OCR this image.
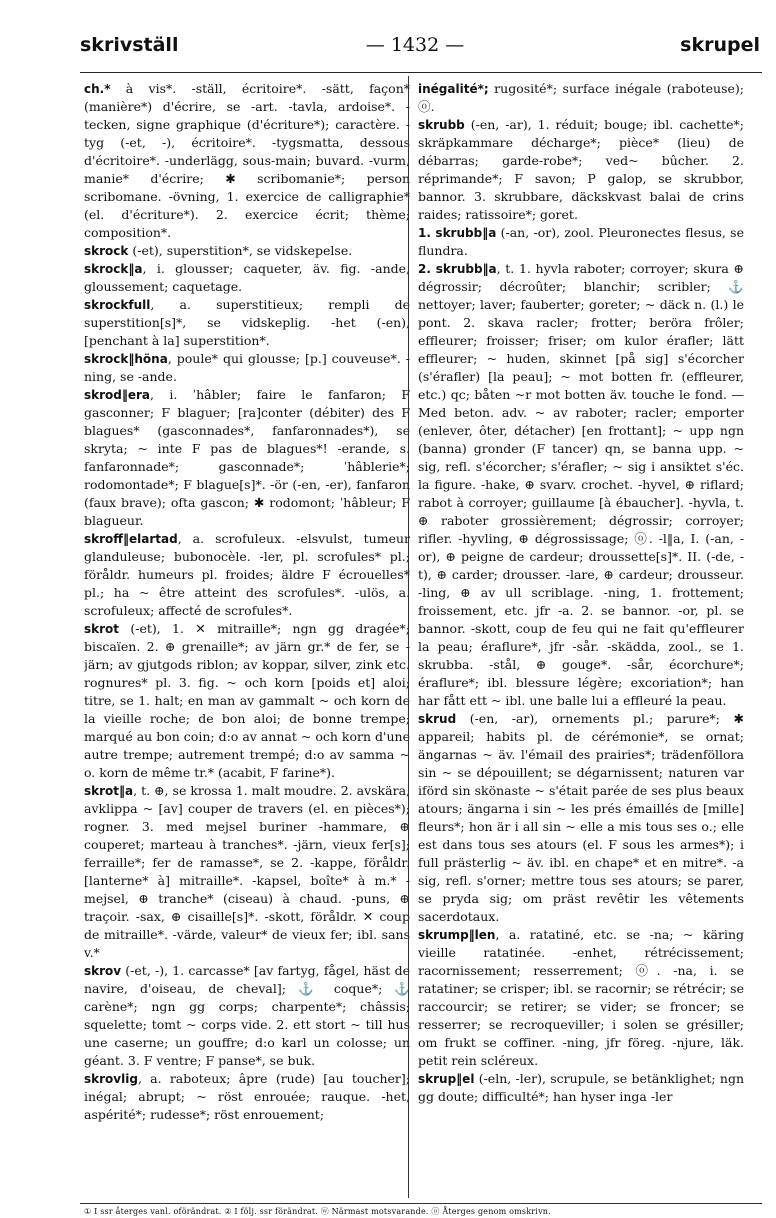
skrivställ	— 1432 —	skrupel

ch.* à vis*. -ställ, écritoire*. -sätt, façon* (manière*) d'écrire, se -art. -tavla, ardoise*. -tecken, signe graphique (d'écriture*); caractère. -tyg (-et, -), écritoire*. -tygsmatta, dessous d'écritoire*. -underlägg, sous-main; buvard. -vurm, manie* d'écrire; ✱ scribomanie*; person scribomane. -övning, 1. exercice de calligraphie* (el. d'écriture*). 2. exercice écrit; thème; composition*.

skrock (-et), superstition*, se vidskepelse.

skrock‖a, i. glousser; caqueter, äv. fig. -ande, gloussement; caquetage.

skrockfull, a. superstitieux; rempli de superstition[s]*, se vidskeplig. -het (-en), [penchant à la] superstition*.

skrock‖höna, poule* qui glousse; [p.] couveuse*. -ning, se -ande.

skrod‖era, i. ˈhâbler; faire le fanfaron; F gasconner; F blaguer; [ra]conter (débiter) des F blagues* (gasconnades*, fanfaronnades*), se skryta; ~ inte F pas de blagues*! -erande, s. fanfaronnade*; gasconnade*; ˈhâblerie*; rodomontade*; F blague[s]*. -ör (-en, -er), fanfaron (faux brave); ofta gascon; ✱ rodomont; ˈhâbleur; F blagueur.

skroff‖elartad, a. scrofuleux. -elsvulst, tumeur glanduleuse; bubonocèle. -ler, pl. scrofules* pl.; föråldr. humeurs pl. froides; äldre F écrouelles* pl.; ha ~ être atteint des scrofules*. -ulös, a. scrofuleux; affecté de scrofules*.

skrot (-et), 1. ✕ mitraille*; ngn gg dragée*; biscaïen. 2. ⊕ grenaille*; av järn gr.* de fer, se -järn; av gjutgods riblon; av koppar, silver, zink etc. rognures* pl. 3. fig. ~ och korn [poids et] aloi; titre, se 1. halt; en man av gammalt ~ och korn de la vieille roche; de bon aloi; de bonne trempe; marqué au bon coin; d:o av annat ~ och korn d'une autre trempe; autrement trempé; d:o av samma ~ o. korn de même tr.* (acabit, F farine*).

skrot‖a, t. ⊕, se krossa 1. malt moudre. 2. avskära, avklippa ~ [av] couper de travers (el. en pièces*); rogner. 3. med mejsel buriner -hammare, ⊕ couperet; marteau à tranches*. -järn, vieux fer[s]; ferraille*; fer de ramasse*, se 2. -kappe, föråldr. [lanterne* à] mitraille*. -kapsel, boîte* à m.* -mejsel, ⊕ tranche* (ciseau) à chaud. -puns, ⊕ traçoir. -sax, ⊕ cisaille[s]*. -skott, föråldr. ✕ coup de mitraille*. -värde, valeur* de vieux fer; ibl. sans v.*

skrov (-et, -), 1. carcasse* [av fartyg, fågel, häst de navire, d'oiseau, de cheval]; ⚓ coque*; ⚓ carène*; ngn gg corps; charpente*; châssis; squelette; tomt ~ corps vide. 2. ett stort ~ till hus une caserne; un gouffre; d:o karl un colosse; un géant. 3. F ventre; F panse*, se buk.

skrovlig, a. raboteux; âpre (rude) [au toucher]; inégal; abrupt; ~ röst enrouée; rauque. -het, aspérité*; rudesse*; röst enrouement;

inégalité*; rugosité*; surface inégale (raboteuse); ⓞ.

skrubb (-en, -ar), 1. réduit; bouge; ibl. cachette*; skräpkammare décharge*; pièce* (lieu) de débarras; garde-robe*; ved~ bûcher. 2. réprimande*; F savon; P galop, se skrubbor, bannor. 3. skrubbare, däckskvast balai de crins raides; ratissoire*; goret.

1. skrubb‖a (-an, -or), zool. Pleuronectes flesus, se flundra.

2. skrubb‖a, t. 1. hyvla raboter; corroyer; skura ⊕ dégrossir; décroûter; blanchir; scribler; ⚓ nettoyer; laver; fauberter; goreter; ~ däck n. (l.) le pont. 2. skava racler; frotter; beröra frôler; effleurer; froisser; friser; om kulor érafler; lätt effleurer; ~ huden, skinnet [på sig] s'écorcher (s'érafler) [la peau]; ~ mot botten fr. (effleurer, etc.) qc; båten ~r mot botten äv. touche le fond. — Med beton. adv. ~ av raboter; racler; emporter (enlever, ôter, détacher) [en frottant]; ~ upp ngn (banna) gronder (F tancer) qn, se banna upp. ~ sig, refl. s'écorcher; s'érafler; ~ sig i ansiktet s'éc. la figure. -hake, ⊕ svarv. crochet. -hyvel, ⊕ riflard; rabot à corroyer; guillaume [à ébaucher]. -hyvla, t. ⊕ raboter grossièrement; dégrossir; corroyer; rifler. -hyvling, ⊕ dégrossissage; ⓞ. -l‖a, I. (-an, -or), ⊕ peigne de cardeur; droussette[s]*. II. (-de, -t), ⊕ carder; drousser. -lare, ⊕ cardeur; drousseur. -ling, ⊕ av ull scriblage. -ning, 1. frottement; froissement, etc. jfr -a. 2. se bannor. -or, pl. se bannor. -skott, coup de feu qui ne fait qu'effleurer la peau; éraflure*, jfr -sår. -skädda, zool., se 1. skrubba. -stål, ⊕ gouge*. -sår, écorchure*; éraflure*; ibl. blessure légère; excoriation*; han har fått ett ~ ibl. une balle lui a effleuré la peau.

skrud (-en, -ar), ornements pl.; parure*; ✱ appareil; habits pl. de cérémonie*, se ornat; ängarnas ~ äv. l'émail des prairies*; trädenföllora sin ~ se dépouillent; se dégarnissent; naturen var iförd sin skönaste ~ s'était parée de ses plus beaux atours; ängarna i sin ~ les prés émaillés de [mille] fleurs*; hon är i all sin ~ elle a mis tous ses o.; elle est dans tous ses atours (el. F sous les armes*); i full prästerlig ~ äv. ibl. en chape* et en mitre*. -a sig, refl. s'orner; mettre tous ses atours; se parer, se pryda sig; om präst revêtir les vêtements sacerdotaux.

skrump‖len, a. ratatiné, etc. se -na; ~ käring vieille ratatinée. -enhet, rétrécissement; racornissement; resserrement; ⓞ. -na, i. se ratatiner; se crisper; ibl. se racornir; se rétrécir; se raccourcir; se retirer; se vider; se froncer; se resserrer; se recroqueviller; i solen se grésiller; om frukt se coffiner. -ning, jfr föreg. -njure, läk. petit rein scléreux.

skrup‖el (-eln, -ler), scrupule, se betänklighet; ngn gg doute; difficulté*; han hyser inga -ler

① I ssr återges vanl. oförändrat. ② I följ. ssr förändrat. ⓦ Närmast motsvarande. ⓞ Återges genom omskrivn.
